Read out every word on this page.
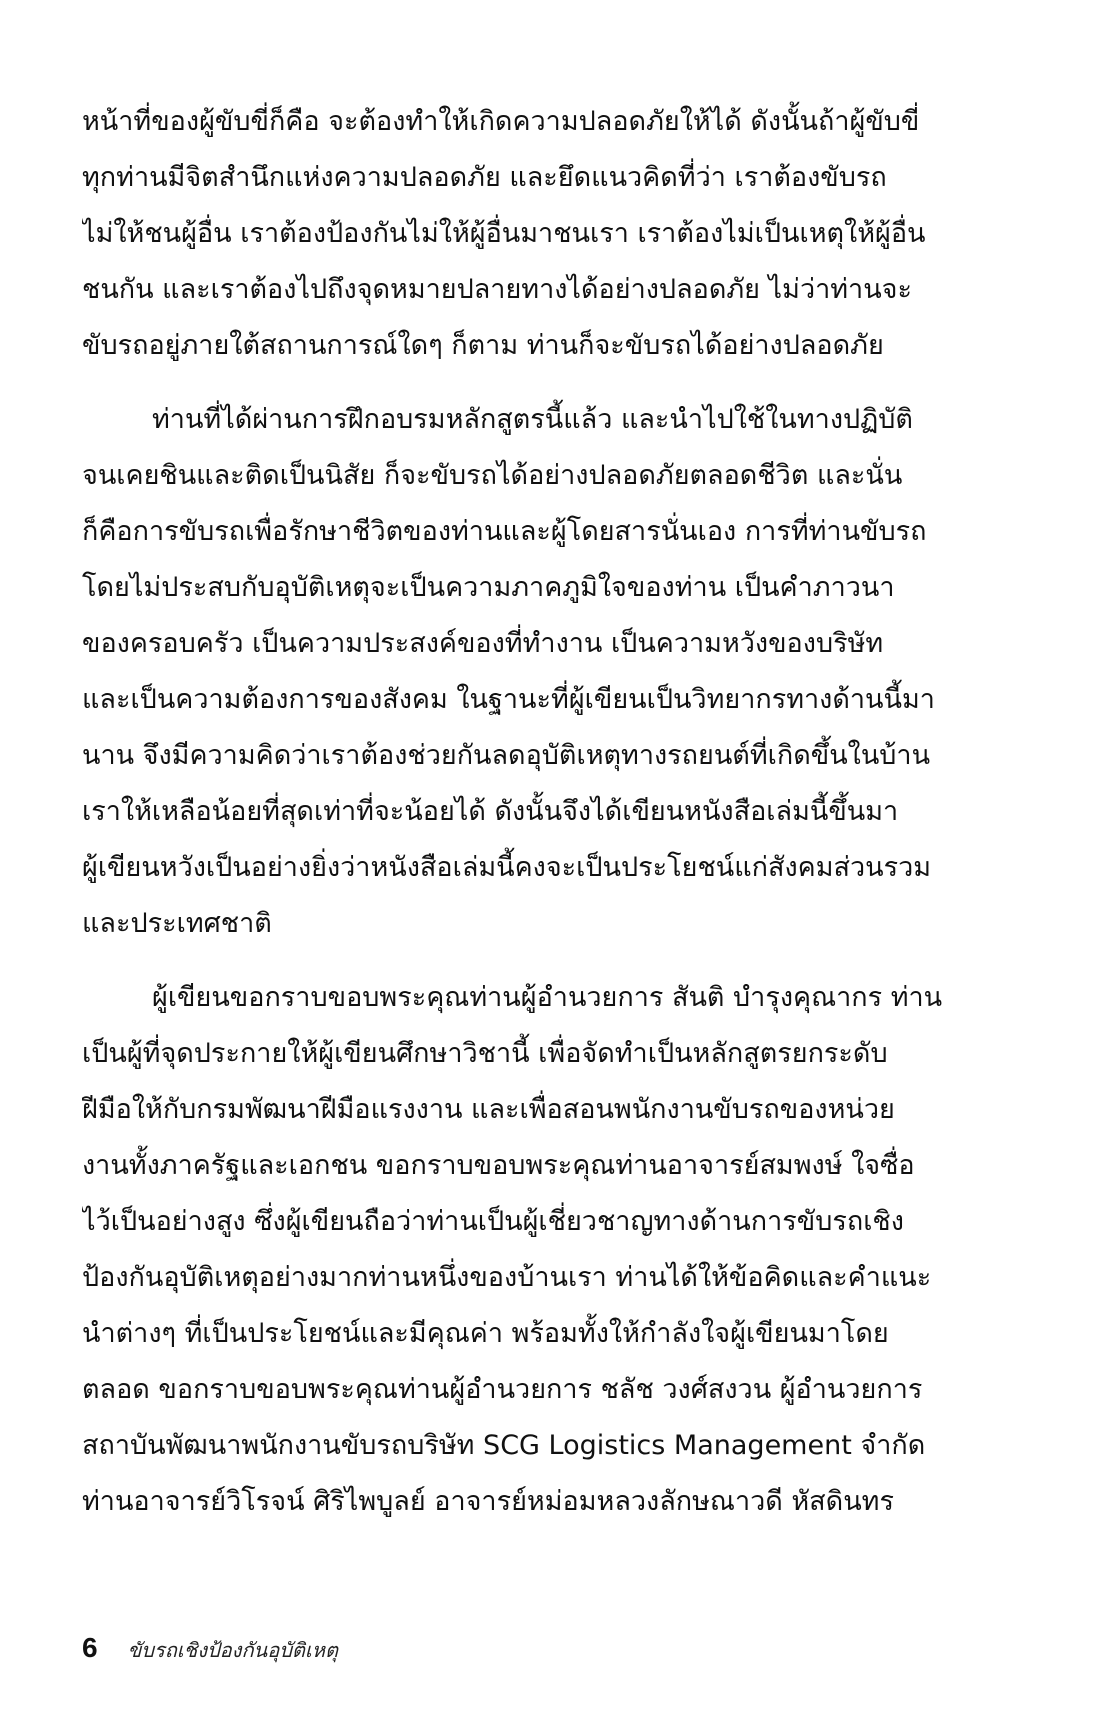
หน้าที่ของผู้ขับขี่ก็คือ จะต้องทำให้เกิดความปลอดภัยให้ได้ ดังนั้นถ้าผู้ขับขี่
ทุกท่านมีจิตสำนึกแห่งความปลอดภัย และยึดแนวคิดที่ว่า เราต้องขับรถ
ไม่ให้ชนผู้อื่น เราต้องป้องกันไม่ให้ผู้อื่นมาชนเรา เราต้องไม่เป็นเหตุให้ผู้อื่น
ชนกัน และเราต้องไปถึงจุดหมายปลายทางได้อย่างปลอดภัย ไม่ว่าท่านจะ
ขับรถอยู่ภายใต้สถานการณ์ใดๆ ก็ตาม ท่านก็จะขับรถได้อย่างปลอดภัย
ท่านที่ได้ผ่านการฝึกอบรมหลักสูตรนี้แล้ว และนำไปใช้ในทางปฏิบัติ
จนเคยชินและติดเป็นนิสัย ก็จะขับรถได้อย่างปลอดภัยตลอดชีวิต และนั่น
ก็คือการขับรถเพื่อรักษาชีวิตของท่านและผู้โดยสารนั่นเอง การที่ท่านขับรถ
โดยไม่ประสบกับอุบัติเหตุจะเป็นความภาคภูมิใจของท่าน เป็นคำภาวนา
ของครอบครัว เป็นความประสงค์ของที่ทำงาน เป็นความหวังของบริษัท
และเป็นความต้องการของสังคม ในฐานะที่ผู้เขียนเป็นวิทยากรทางด้านนี้มา
นาน จึงมีความคิดว่าเราต้องช่วยกันลดอุบัติเหตุทางรถยนต์ที่เกิดขึ้นในบ้าน
เราให้เหลือน้อยที่สุดเท่าที่จะน้อยได้ ดังนั้นจึงได้เขียนหนังสือเล่มนี้ขึ้นมา
ผู้เขียนหวังเป็นอย่างยิ่งว่าหนังสือเล่มนี้คงจะเป็นประโยชน์แก่สังคมส่วนรวม
และประเทศชาติ
ผู้เขียนขอกราบขอบพระคุณท่านผู้อำนวยการ สันติ บำรุงคุณากร ท่าน
เป็นผู้ที่จุดประกายให้ผู้เขียนศึกษาวิชานี้ เพื่อจัดทำเป็นหลักสูตรยกระดับ
ฝีมือให้กับกรมพัฒนาฝีมือแรงงาน และเพื่อสอนพนักงานขับรถของหน่วย
งานทั้งภาครัฐและเอกชน ขอกราบขอบพระคุณท่านอาจารย์สมพงษ์ ใจซื่อ
ไว้เป็นอย่างสูง ซึ่งผู้เขียนถือว่าท่านเป็นผู้เชี่ยวชาญทางด้านการขับรถเชิง
ป้องกันอุบัติเหตุอย่างมากท่านหนึ่งของบ้านเรา ท่านได้ให้ข้อคิดและคำแนะ
นำต่างๆ ที่เป็นประโยชน์และมีคุณค่า พร้อมทั้งให้กำลังใจผู้เขียนมาโดย
ตลอด ขอกราบขอบพระคุณท่านผู้อำนวยการ ชลัช วงศ์สงวน ผู้อำนวยการ
สถาบันพัฒนาพนักงานขับรถบริษัท SCG Logistics Management จำกัด
ท่านอาจารย์วิโรจน์ ศิริไพบูลย์ อาจารย์หม่อมหลวงลักษณาวดี หัสดินทร
6 ขับรถเชิงป้องกันอุบัติเหตุ
